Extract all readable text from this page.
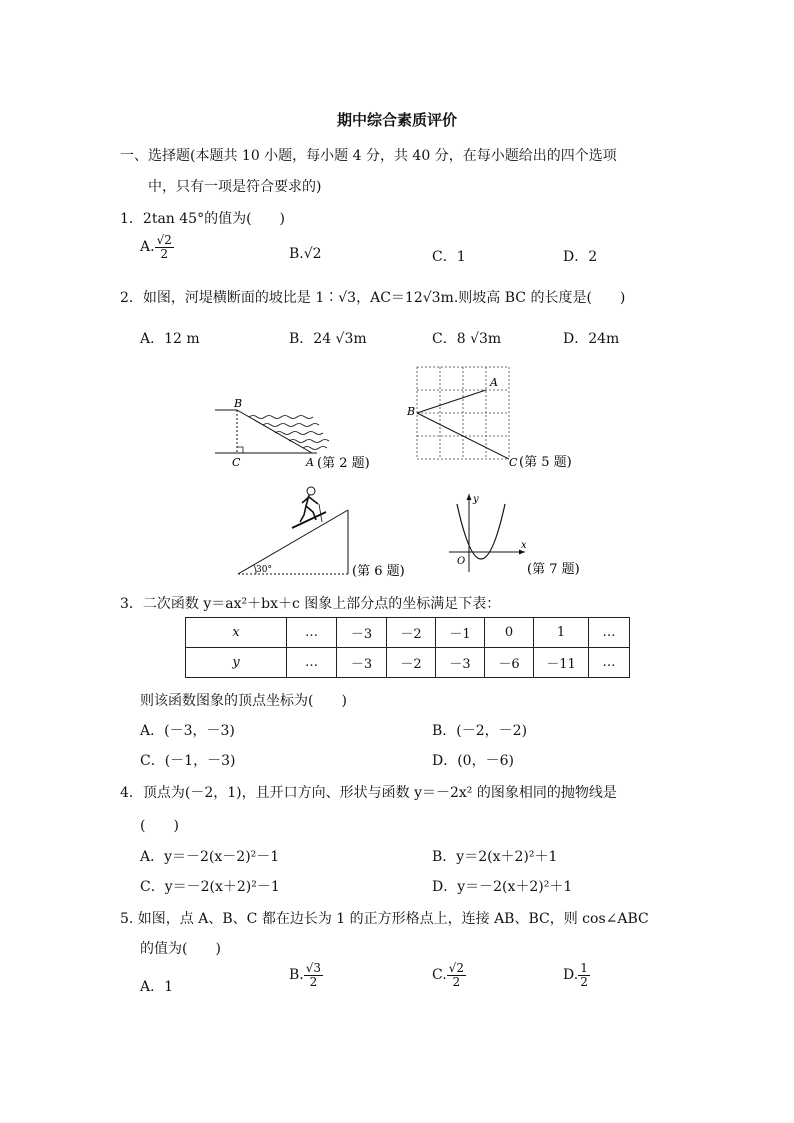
期中综合素质评价
一、选择题(本题共 10 小题，每小题 4 分，共 40 分，在每小题给出的四个选项
中，只有一项是符合要求的)
1．2tan 45°的值为(　　)
A. $\frac{√2}{2}$	B.√2	C．1	D．2
2．如图，河堤横断面的坡比是 1∶√3，AC＝12√3m.则坡高 BC 的长度是(　　)
A．12 m	B．24 √3m	C．8 √3m	D．24m
B
C	A (第 2 题)
A
B
C (第 5 题)
30°	(第 6 题)
y
x
O
(第 7 题)
3．二次函数 y＝ax²＋bx＋c 图象上部分点的坐标满足下表：
x	…	－3	－2	－1	0	1	…
y	…	－3	－2	－3	－6	－11	…
则该函数图象的顶点坐标为(　　)
A．(－3，－3)	B．(－2，－2)
C．(－1，－3)	D．(0，－6)
4．顶点为(－2，1)，且开口方向、形状与函数 y＝－2x² 的图象相同的抛物线是
(　　)
A．y＝－2(x－2)²－1	B．y＝2(x＋2)²＋1
C．y＝－2(x＋2)²－1	D．y＝－2(x＋2)²＋1
5. 如图，点 A、B、C 都在边长为 1 的正方形格点上，连接 AB、BC，则 cos∠ABC
的值为(　　)
A．1
B. $\frac{√3}{2}$	C. $\frac{√2}{2}$	D. $\frac{1}{2}$
